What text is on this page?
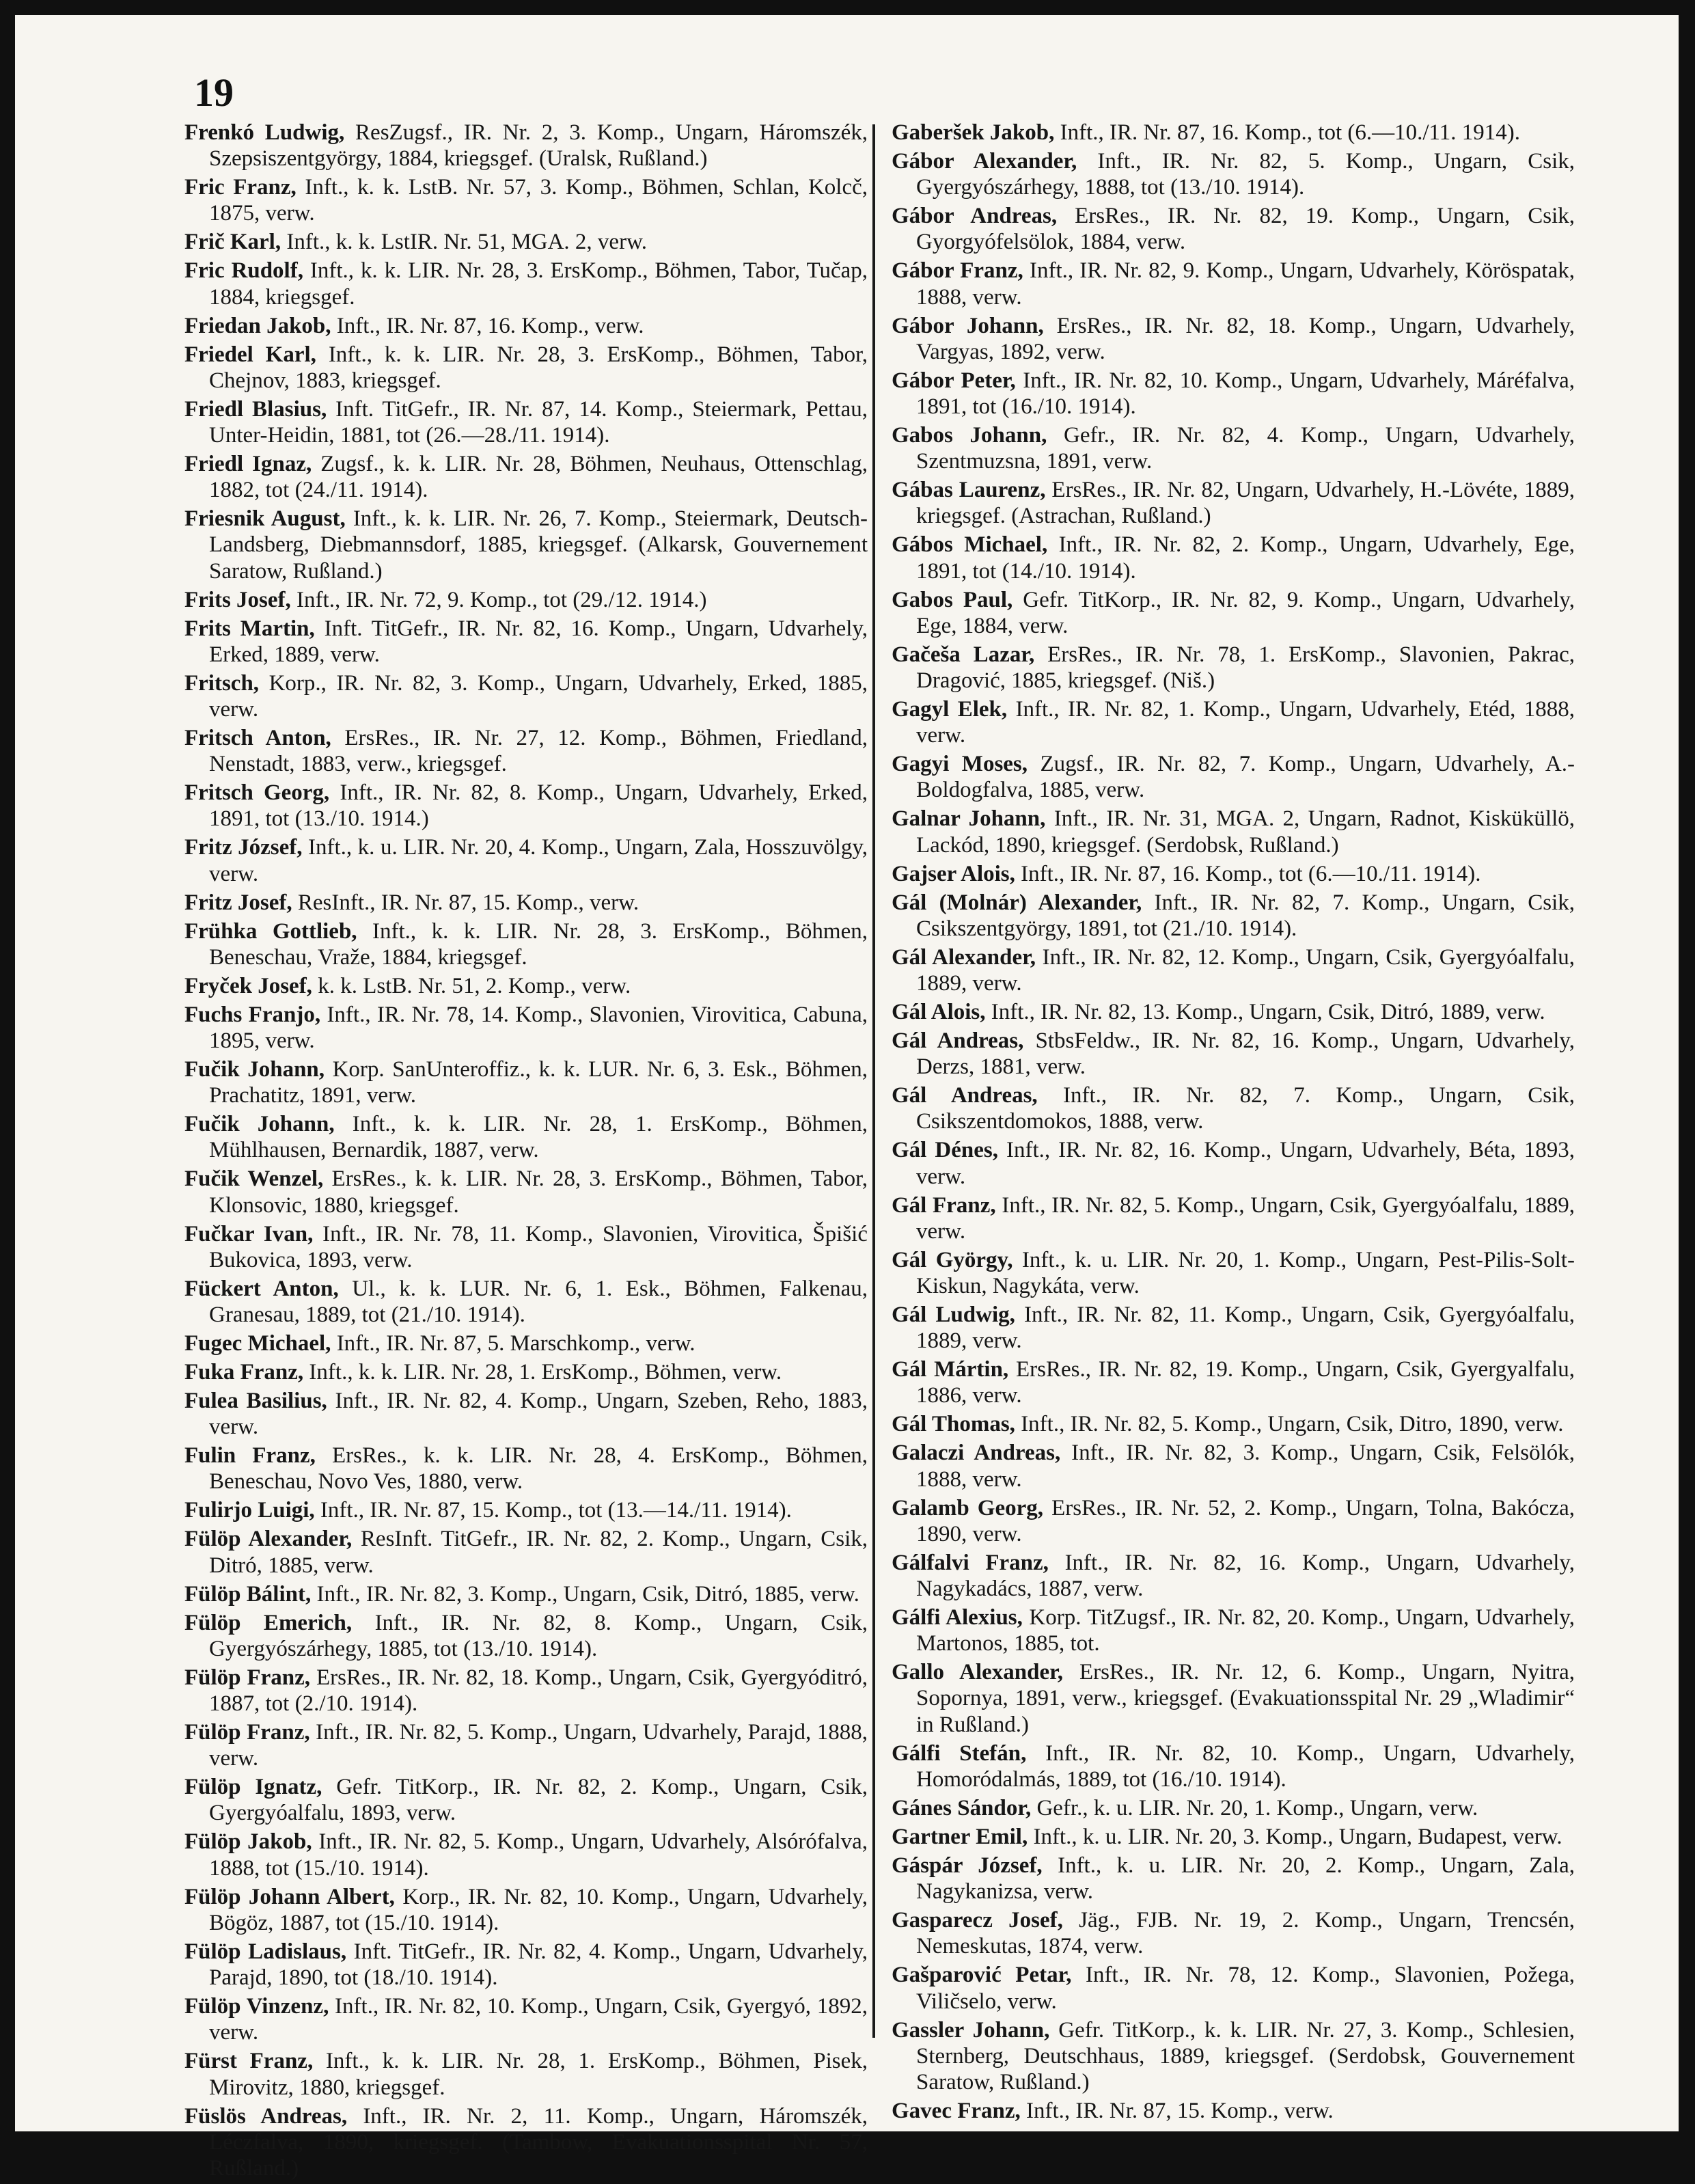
19

Frenkó Ludwig, ResZugsf., IR. Nr. 2, 3. Komp., Ungarn, Háromszék, Szepsiszentgyörgy, 1884, kriegsgef. (Uralsk, Rußland.)

Fric Franz, Inft., k. k. LstB. Nr. 57, 3. Komp., Böhmen, Schlan, Kolcč, 1875, verw.

Frič Karl, Inft., k. k. LstIR. Nr. 51, MGA. 2, verw.

Fric Rudolf, Inft., k. k. LIR. Nr. 28, 3. ErsKomp., Böhmen, Tabor, Tučap, 1884, kriegsgef.

Friedan Jakob, Inft., IR. Nr. 87, 16. Komp., verw.

Friedel Karl, Inft., k. k. LIR. Nr. 28, 3. ErsKomp., Böhmen, Tabor, Chejnov, 1883, kriegsgef.

Friedl Blasius, Inft. TitGefr., IR. Nr. 87, 14. Komp., Steiermark, Pettau, Unter-Heidin, 1881, tot (26.—28./11. 1914).

Friedl Ignaz, Zugsf., k. k. LIR. Nr. 28, Böhmen, Neuhaus, Ottenschlag, 1882, tot (24./11. 1914).

Friesnik August, Inft., k. k. LIR. Nr. 26, 7. Komp., Steiermark, Deutsch-Landsberg, Diebmannsdorf, 1885, kriegsgef. (Alkarsk, Gouvernement Saratow, Rußland.)

Frits Josef, Inft., IR. Nr. 72, 9. Komp., tot (29./12. 1914.)

Frits Martin, Inft. TitGefr., IR. Nr. 82, 16. Komp., Ungarn, Udvarhely, Erked, 1889, verw.

Fritsch, Korp., IR. Nr. 82, 3. Komp., Ungarn, Udvarhely, Erked, 1885, verw.

Fritsch Anton, ErsRes., IR. Nr. 27, 12. Komp., Böhmen, Friedland, Nenstadt, 1883, verw., kriegsgef.

Fritsch Georg, Inft., IR. Nr. 82, 8. Komp., Ungarn, Udvarhely, Erked, 1891, tot (13./10. 1914.)

Fritz József, Inft., k. u. LIR. Nr. 20, 4. Komp., Ungarn, Zala, Hosszuvölgy, verw.

Fritz Josef, ResInft., IR. Nr. 87, 15. Komp., verw.

Frühka Gottlieb, Inft., k. k. LIR. Nr. 28, 3. ErsKomp., Böhmen, Beneschau, Vraže, 1884, kriegsgef.

Fryček Josef, k. k. LstB. Nr. 51, 2. Komp., verw.

Fuchs Franjo, Inft., IR. Nr. 78, 14. Komp., Slavonien, Virovitica, Cabuna, 1895, verw.

Fučik Johann, Korp. SanUnteroffiz., k. k. LUR. Nr. 6, 3. Esk., Böhmen, Prachatitz, 1891, verw.

Fučik Johann, Inft., k. k. LIR. Nr. 28, 1. ErsKomp., Böhmen, Mühlhausen, Bernardik, 1887, verw.

Fučik Wenzel, ErsRes., k. k. LIR. Nr. 28, 3. ErsKomp., Böhmen, Tabor, Klonsovic, 1880, kriegsgef.

Fučkar Ivan, Inft., IR. Nr. 78, 11. Komp., Slavonien, Virovitica, Špišić Bukovica, 1893, verw.

Fückert Anton, Ul., k. k. LUR. Nr. 6, 1. Esk., Böhmen, Falkenau, Granesau, 1889, tot (21./10. 1914).

Fugec Michael, Inft., IR. Nr. 87, 5. Marschkomp., verw.

Fuka Franz, Inft., k. k. LIR. Nr. 28, 1. ErsKomp., Böhmen, verw.

Fulea Basilius, Inft., IR. Nr. 82, 4. Komp., Ungarn, Szeben, Reho, 1883, verw.

Fulin Franz, ErsRes., k. k. LIR. Nr. 28, 4. ErsKomp., Böhmen, Beneschau, Novo Ves, 1880, verw.

Fulirjo Luigi, Inft., IR. Nr. 87, 15. Komp., tot (13.—14./11. 1914).

Fülöp Alexander, ResInft. TitGefr., IR. Nr. 82, 2. Komp., Ungarn, Csik, Ditró, 1885, verw.

Fülöp Bálint, Inft., IR. Nr. 82, 3. Komp., Ungarn, Csik, Ditró, 1885, verw.

Fülöp Emerich, Inft., IR. Nr. 82, 8. Komp., Ungarn, Csik, Gyergyószárhegy, 1885, tot (13./10. 1914).

Fülöp Franz, ErsRes., IR. Nr. 82, 18. Komp., Ungarn, Csik, Gyergyóditró, 1887, tot (2./10. 1914).

Fülöp Franz, Inft., IR. Nr. 82, 5. Komp., Ungarn, Udvarhely, Parajd, 1888, verw.

Fülöp Ignatz, Gefr. TitKorp., IR. Nr. 82, 2. Komp., Ungarn, Csik, Gyergyóalfalu, 1893, verw.

Fülöp Jakob, Inft., IR. Nr. 82, 5. Komp., Ungarn, Udvarhely, Alsórófalva, 1888, tot (15./10. 1914).

Fülöp Johann Albert, Korp., IR. Nr. 82, 10. Komp., Ungarn, Udvarhely, Bögöz, 1887, tot (15./10. 1914).

Fülöp Ladislaus, Inft. TitGefr., IR. Nr. 82, 4. Komp., Ungarn, Udvarhely, Parajd, 1890, tot (18./10. 1914).

Fülöp Vinzenz, Inft., IR. Nr. 82, 10. Komp., Ungarn, Csik, Gyergyó, 1892, verw.

Fürst Franz, Inft., k. k. LIR. Nr. 28, 1. ErsKomp., Böhmen, Pisek, Mirovitz, 1880, kriegsgef.

Füslös Andreas, Inft., IR. Nr. 2, 11. Komp., Ungarn, Háromszék, Léczfalva, 1890, kriegsgef. (Tambow, Evakuationsspital Nr. 57, Rußland.)

Gaberšek Jakob, Inft., IR. Nr. 87, 16. Komp., tot (6.—10./11. 1914).

Gábor Alexander, Inft., IR. Nr. 82, 5. Komp., Ungarn, Csik, Gyergyószárhegy, 1888, tot (13./10. 1914).

Gábor Andreas, ErsRes., IR. Nr. 82, 19. Komp., Ungarn, Csik, Gyorgyófelsölok, 1884, verw.

Gábor Franz, Inft., IR. Nr. 82, 9. Komp., Ungarn, Udvarhely, Köröspatak, 1888, verw.

Gábor Johann, ErsRes., IR. Nr. 82, 18. Komp., Ungarn, Udvarhely, Vargyas, 1892, verw.

Gábor Peter, Inft., IR. Nr. 82, 10. Komp., Ungarn, Udvarhely, Máréfalva, 1891, tot (16./10. 1914).

Gabos Johann, Gefr., IR. Nr. 82, 4. Komp., Ungarn, Udvarhely, Szentmuzsna, 1891, verw.

Gábas Laurenz, ErsRes., IR. Nr. 82, Ungarn, Udvarhely, H.-Lövéte, 1889, kriegsgef. (Astrachan, Rußland.)

Gábos Michael, Inft., IR. Nr. 82, 2. Komp., Ungarn, Udvarhely, Ege, 1891, tot (14./10. 1914).

Gabos Paul, Gefr. TitKorp., IR. Nr. 82, 9. Komp., Ungarn, Udvarhely, Ege, 1884, verw.

Gačeša Lazar, ErsRes., IR. Nr. 78, 1. ErsKomp., Slavonien, Pakrac, Dragović, 1885, kriegsgef. (Niš.)

Gagyl Elek, Inft., IR. Nr. 82, 1. Komp., Ungarn, Udvarhely, Etéd, 1888, verw.

Gagyi Moses, Zugsf., IR. Nr. 82, 7. Komp., Ungarn, Udvarhely, A.-Boldogfalva, 1885, verw.

Galnar Johann, Inft., IR. Nr. 31, MGA. 2, Ungarn, Radnot, Kisküküllö, Lackód, 1890, kriegsgef. (Serdobsk, Rußland.)

Gajser Alois, Inft., IR. Nr. 87, 16. Komp., tot (6.—10./11. 1914).

Gál (Molnár) Alexander, Inft., IR. Nr. 82, 7. Komp., Ungarn, Csik, Csikszentgyörgy, 1891, tot (21./10. 1914).

Gál Alexander, Inft., IR. Nr. 82, 12. Komp., Ungarn, Csik, Gyergyóalfalu, 1889, verw.

Gál Alois, Inft., IR. Nr. 82, 13. Komp., Ungarn, Csik, Ditró, 1889, verw.

Gál Andreas, StbsFeldw., IR. Nr. 82, 16. Komp., Ungarn, Udvarhely, Derzs, 1881, verw.

Gál Andreas, Inft., IR. Nr. 82, 7. Komp., Ungarn, Csik, Csikszentdomokos, 1888, verw.

Gál Dénes, Inft., IR. Nr. 82, 16. Komp., Ungarn, Udvarhely, Béta, 1893, verw.

Gál Franz, Inft., IR. Nr. 82, 5. Komp., Ungarn, Csik, Gyergyóalfalu, 1889, verw.

Gál György, Inft., k. u. LIR. Nr. 20, 1. Komp., Ungarn, Pest-Pilis-Solt-Kiskun, Nagykáta, verw.

Gál Ludwig, Inft., IR. Nr. 82, 11. Komp., Ungarn, Csik, Gyergyóalfalu, 1889, verw.

Gál Mártin, ErsRes., IR. Nr. 82, 19. Komp., Ungarn, Csik, Gyergyalfalu, 1886, verw.

Gál Thomas, Inft., IR. Nr. 82, 5. Komp., Ungarn, Csik, Ditro, 1890, verw.

Galaczi Andreas, Inft., IR. Nr. 82, 3. Komp., Ungarn, Csik, Felsölók, 1888, verw.

Galamb Georg, ErsRes., IR. Nr. 52, 2. Komp., Ungarn, Tolna, Bakócza, 1890, verw.

Gálfalvi Franz, Inft., IR. Nr. 82, 16. Komp., Ungarn, Udvarhely, Nagykadács, 1887, verw.

Gálfi Alexius, Korp. TitZugsf., IR. Nr. 82, 20. Komp., Ungarn, Udvarhely, Martonos, 1885, tot.

Gallo Alexander, ErsRes., IR. Nr. 12, 6. Komp., Ungarn, Nyitra, Sopornya, 1891, verw., kriegsgef. (Evakuationsspital Nr. 29 „Wladimir“ in Rußland.)

Gálfi Stefán, Inft., IR. Nr. 82, 10. Komp., Ungarn, Udvarhely, Homoródalmás, 1889, tot (16./10. 1914).

Gánes Sándor, Gefr., k. u. LIR. Nr. 20, 1. Komp., Ungarn, verw.

Gartner Emil, Inft., k. u. LIR. Nr. 20, 3. Komp., Ungarn, Budapest, verw.

Gáspár József, Inft., k. u. LIR. Nr. 20, 2. Komp., Ungarn, Zala, Nagykanizsa, verw.

Gasparecz Josef, Jäg., FJB. Nr. 19, 2. Komp., Ungarn, Trencsén, Nemeskutas, 1874, verw.

Gašparović Petar, Inft., IR. Nr. 78, 12. Komp., Slavonien, Požega, Viličselo, verw.

Gassler Johann, Gefr. TitKorp., k. k. LIR. Nr. 27, 3. Komp., Schlesien, Sternberg, Deutschhaus, 1889, kriegsgef. (Serdobsk, Gouvernement Saratow, Rußland.)

Gavec Franz, Inft., IR. Nr. 87, 15. Komp., verw.
